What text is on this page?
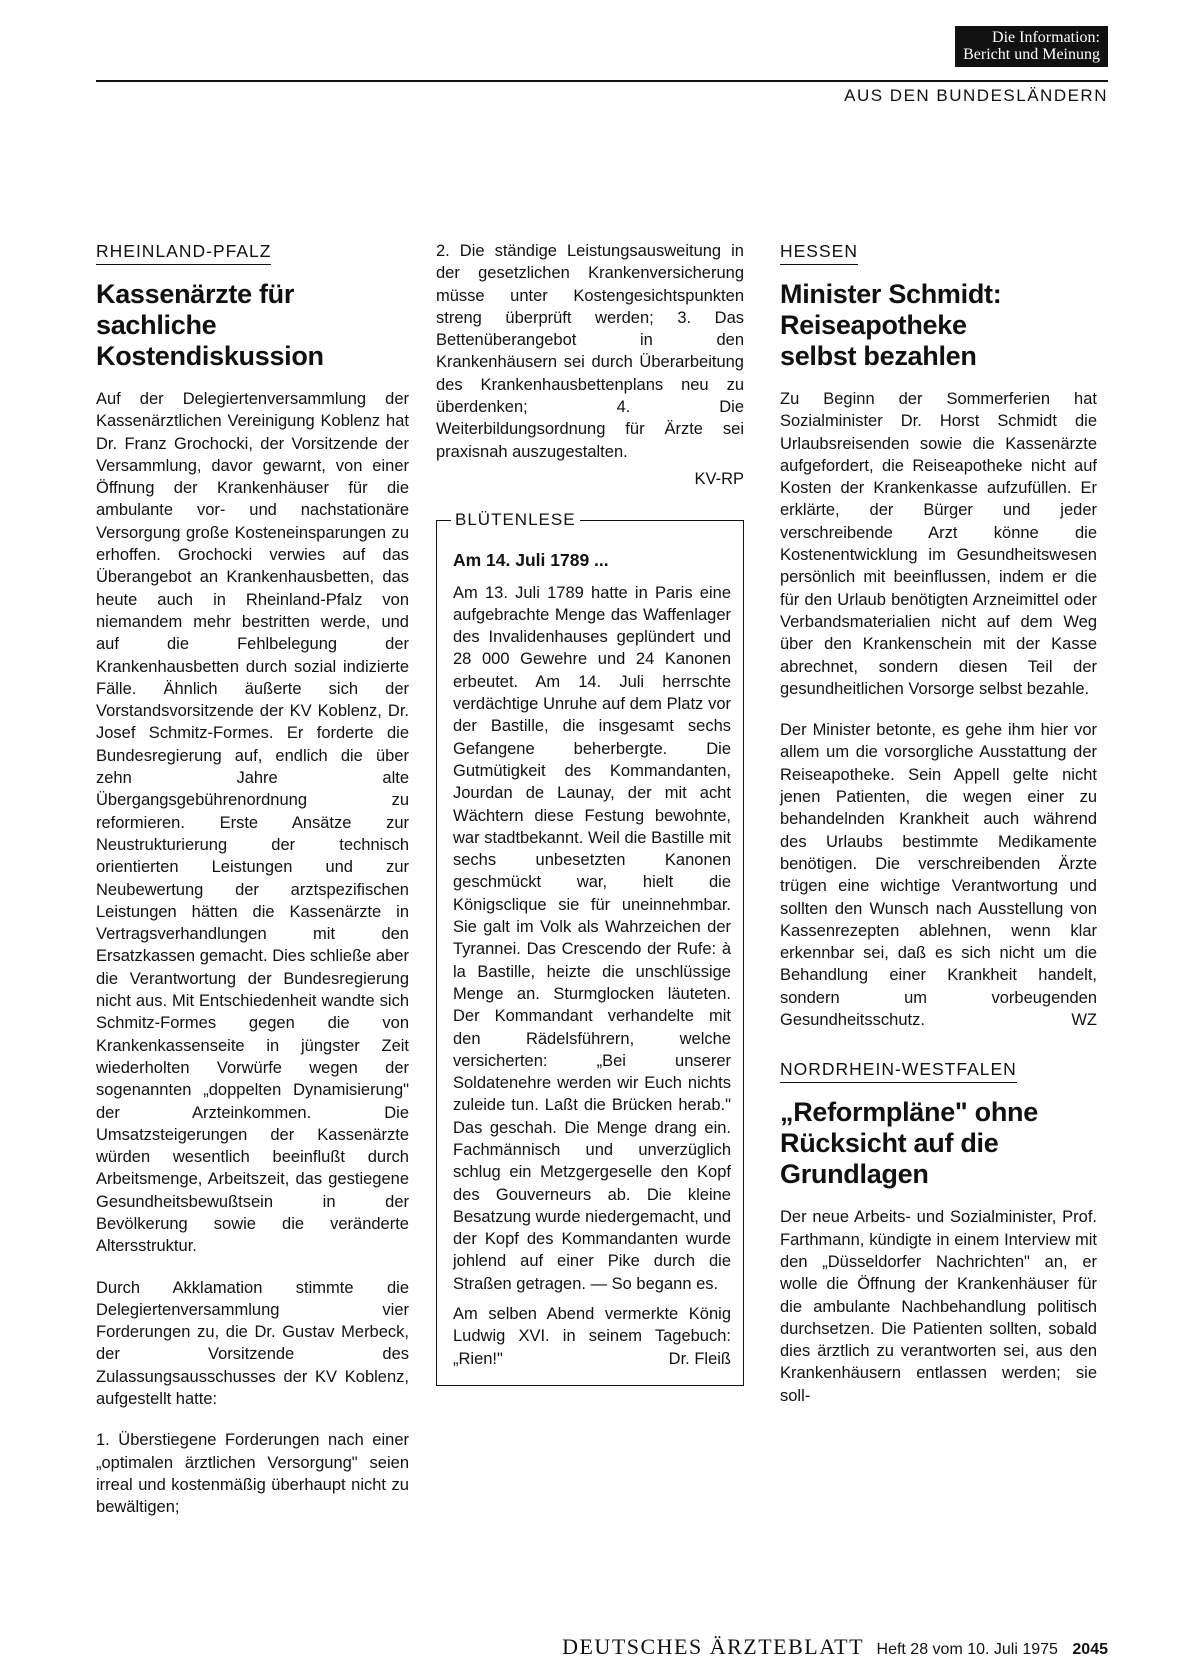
Die Information:
Bericht und Meinung
AUS DEN BUNDESLÄNDERN
RHEINLAND-PFALZ
Kassenärzte für sachliche Kostendiskussion

Auf der Delegiertenversammlung der Kassenärztlichen Vereinigung Koblenz hat Dr. Franz Grochocki, der Vorsitzende der Versammlung, davor gewarnt, von einer Öffnung der Krankenhäuser für die ambulante vor- und nachstationäre Versorgung große Kosteneinsparungen zu erhoffen. Grochocki verwies auf das Überangebot an Krankenhausbetten, das heute auch in Rheinland-Pfalz von niemandem mehr bestritten werde, und auf die Fehlbelegung der Krankenhausbetten durch sozial indizierte Fälle. Ähnlich äußerte sich der Vorstandsvorsitzende der KV Koblenz, Dr. Josef Schmitz-Formes. Er forderte die Bundesregierung auf, endlich die über zehn Jahre alte Übergangsgebührenordnung zu reformieren. Erste Ansätze zur Neustrukturierung der technisch orientierten Leistungen und zur Neubewertung der arztspezifischen Leistungen hätten die Kassenärzte in Vertragsverhandlungen mit den Ersatzkassen gemacht. Dies schließe aber die Verantwortung der Bundesregierung nicht aus. Mit Entschiedenheit wandte sich Schmitz-Formes gegen die von Krankenkassenseite in jüngster Zeit wiederholten Vorwürfe wegen der sogenannten „doppelten Dynamisierung" der Arzteinkommen. Die Umsatzsteigerungen der Kassenärzte würden wesentlich beeinflußt durch Arbeitsmenge, Arbeitszeit, das gestiegene Gesundheitsbewußtsein in der Bevölkerung sowie die veränderte Altersstruktur.

Durch Akklamation stimmte die Delegiertenversammlung vier Forderungen zu, die Dr. Gustav Merbeck, der Vorsitzende des Zulassungsausschusses der KV Koblenz, aufgestellt hatte:

1. Überstiegene Forderungen nach einer „optimalen ärztlichen Versorgung" seien irreal und kostenmäßig überhaupt nicht zu bewältigen;

2. Die ständige Leistungsausweitung in der gesetzlichen Krankenversicherung müsse unter Kostengesichtspunkten streng überprüft werden; 3. Das Bettenüberangebot in den Krankenhäusern sei durch Überarbeitung des Krankenhausbettenplans neu zu überdenken; 4. Die Weiterbildungsordnung für Ärzte sei praxisnah auszugestalten.

KV-RP
BLÜTENLESE
Am 14. Juli 1789 ...

Am 13. Juli 1789 hatte in Paris eine aufgebrachte Menge das Waffenlager des Invalidenhauses geplündert und 28 000 Gewehre und 24 Kanonen erbeutet. Am 14. Juli herrschte verdächtige Unruhe auf dem Platz vor der Bastille, die insgesamt sechs Gefangene beherbergte. Die Gutmütigkeit des Kommandanten, Jourdan de Launay, der mit acht Wächtern diese Festung bewohnte, war stadtbekannt. Weil die Bastille mit sechs unbesetzten Kanonen geschmückt war, hielt die Königsclique sie für uneinnehmbar. Sie galt im Volk als Wahrzeichen der Tyrannei. Das Crescendo der Rufe: à la Bastille, heizte die unschlüssige Menge an. Sturmglocken läuteten. Der Kommandant verhandelte mit den Rädelsführern, welche versicherten: „Bei unserer Soldatenehre werden wir Euch nichts zuleide tun. Laßt die Brücken herab." Das geschah. Die Menge drang ein. Fachmännisch und unverzüglich schlug ein Metzgergeselle den Kopf des Gouverneurs ab. Die kleine Besatzung wurde niedergemacht, und der Kopf des Kommandanten wurde johlend auf einer Pike durch die Straßen getragen. — So begann es.

Am selben Abend vermerkte König Ludwig XVI. in seinem Tagebuch: „Rien!"	Dr. Fleiß

HESSEN
Minister Schmidt: Reiseapotheke selbst bezahlen

Zu Beginn der Sommerferien hat Sozialminister Dr. Horst Schmidt die Urlaubsreisenden sowie die Kassenärzte aufgefordert, die Reiseapotheke nicht auf Kosten der Krankenkasse aufzufüllen. Er erklärte, der Bürger und jeder verschreibende Arzt könne die Kostenentwicklung im Gesundheitswesen persönlich mit beeinflussen, indem er die für den Urlaub benötigten Arzneimittel oder Verbandsmaterialien nicht auf dem Weg über den Krankenschein mit der Kasse abrechnet, sondern diesen Teil der gesundheitlichen Vorsorge selbst bezahle.

Der Minister betonte, es gehe ihm hier vor allem um die vorsorgliche Ausstattung der Reiseapotheke. Sein Appell gelte nicht jenen Patienten, die wegen einer zu behandelnden Krankheit auch während des Urlaubs bestimmte Medikamente benötigen. Die verschreibenden Ärzte trügen eine wichtige Verantwortung und sollten den Wunsch nach Ausstellung von Kassenrezepten ablehnen, wenn klar erkennbar sei, daß es sich nicht um die Behandlung einer Krankheit handelt, sondern um vorbeugenden Gesundheitsschutz.	WZ

NORDRHEIN-WESTFALEN
„Reformpläne" ohne Rücksicht auf die Grundlagen

Der neue Arbeits- und Sozialminister, Prof. Farthmann, kündigte in einem Interview mit den „Düsseldorfer Nachrichten" an, er wolle die Öffnung der Krankenhäuser für die ambulante Nachbehandlung politisch durchsetzen. Die Patienten sollten, sobald dies ärztlich zu verantworten sei, aus den Krankenhäusern entlassen werden; sie soll-

DEUTSCHES ÄRZTEBLATT Heft 28 vom 10. Juli 1975 2045
